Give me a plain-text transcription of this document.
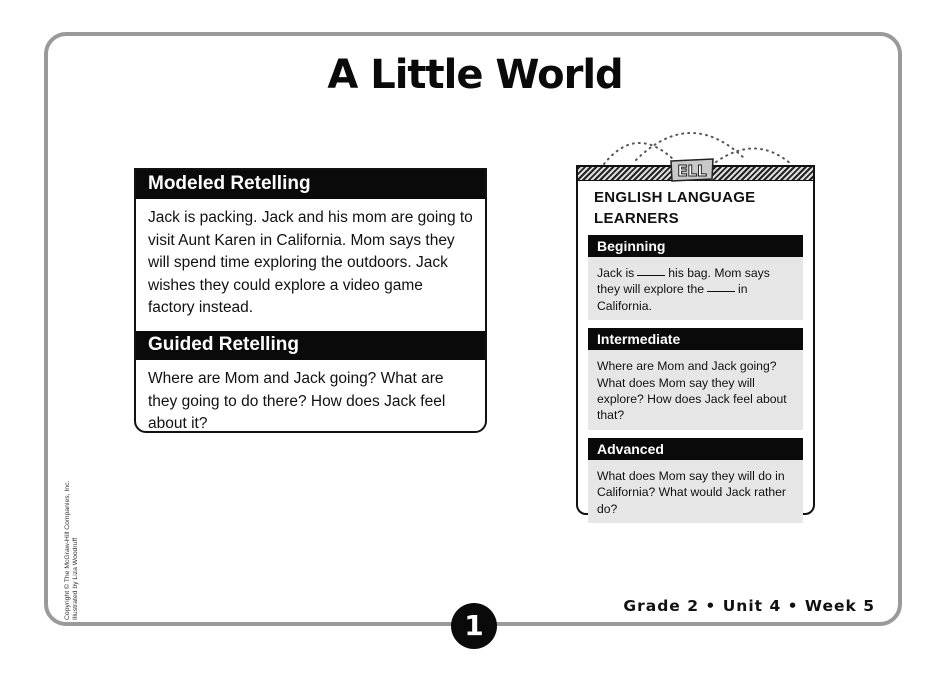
A Little World
Modeled Retelling
Jack is packing. Jack and his mom are going to visit Aunt Karen in California. Mom says they will spend time exploring the outdoors. Jack wishes they could explore a video game factory instead.
Guided Retelling
Where are Mom and Jack going? What are they going to do there? How does Jack feel about it?
ENGLISH LANGUAGE LEARNERS
Beginning
Jack is	his bag. Mom says they will explore the	in California.
Intermediate
Where are Mom and Jack going? What does Mom say they will explore? How does Jack feel about that?
Advanced
What does Mom say they will do in California? What would Jack rather do?
ELL
Copyright © The McGraw-Hill Companies, Inc. Illustrated by Liza Woodruff	Grade 2 • Unit 4 • Week 5
1
